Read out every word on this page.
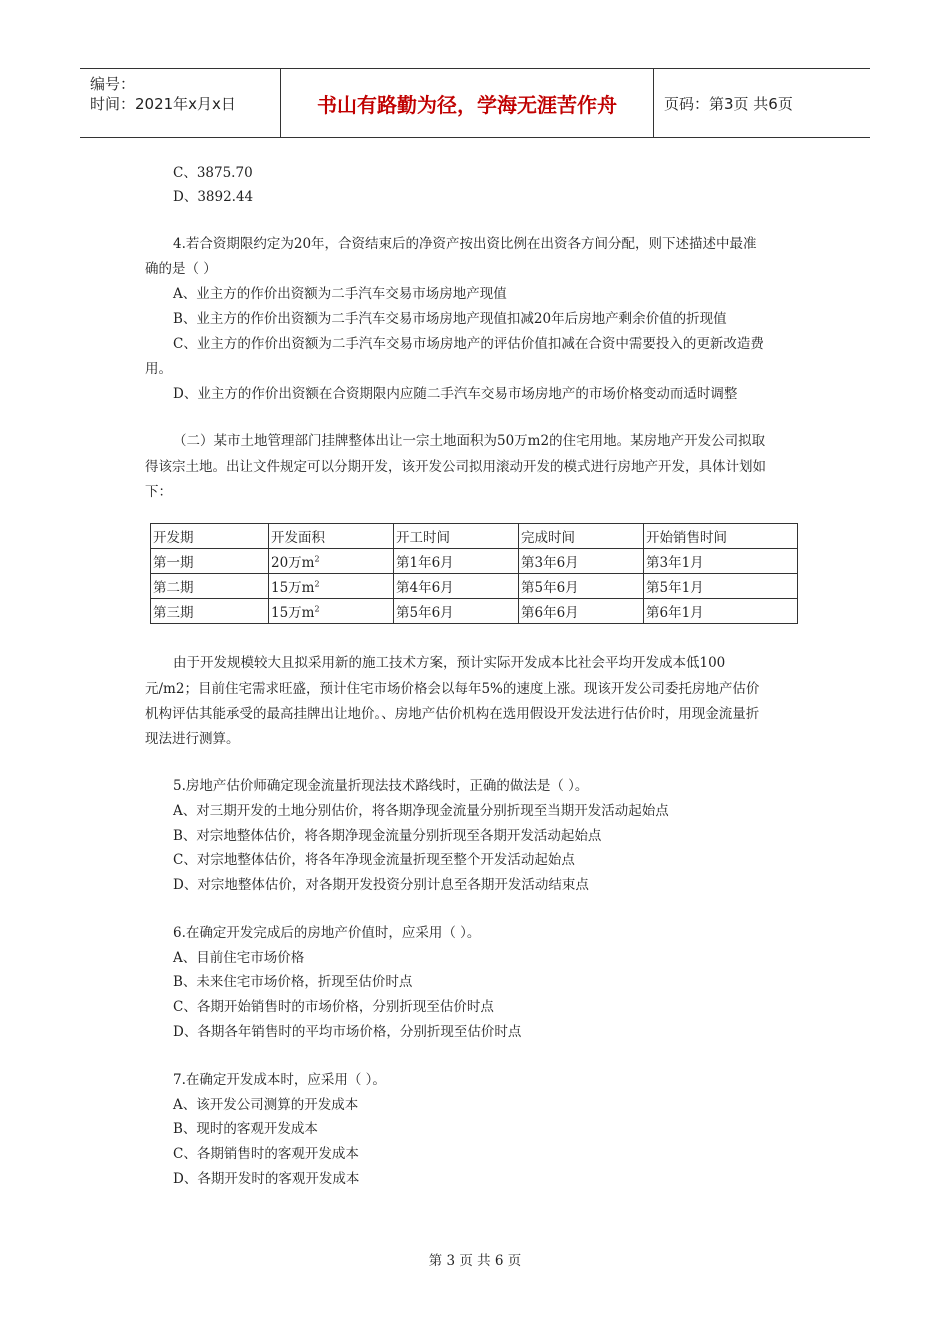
编号：
时间：2021年x月x日	书山有路勤为径，学海无涯苦作舟	页码：第3页 共6页
C、3875.70
D、3892.44
4.若合资期限约定为20年，合资结束后的净资产按出资比例在出资各方间分配，则下述描述中最准
确的是（ ）
A、业主方的作价出资额为二手汽车交易市场房地产现值
B、业主方的作价出资额为二手汽车交易市场房地产现值扣减20年后房地产剩余价值的折现值
C、业主方的作价出资额为二手汽车交易市场房地产的评估价值扣减在合资中需要投入的更新改造费
用。
D、业主方的作价出资额在合资期限内应随二手汽车交易市场房地产的市场价格变动而适时调整
（二）某市土地管理部门挂牌整体出让一宗土地面积为50万m2的住宅用地。某房地产开发公司拟取
得该宗土地。出让文件规定可以分期开发，该开发公司拟用滚动开发的模式进行房地产开发，具体计划如
下：
开发期	开发面积	开工时间	完成时间	开始销售时间
第一期	20万$m^2$	第1年6月	第3年6月	第3年1月
第二期	15万$m^2$	第4年6月	第5年6月	第5年1月
第三期	15万$m^2$	第5年6月	第6年6月	第6年1月
由于开发规模较大且拟采用新的施工技术方案，预计实际开发成本比社会平均开发成本低100
元/m2；目前住宅需求旺盛，预计住宅市场价格会以每年5%的速度上涨。现该开发公司委托房地产估价
机构评估其能承受的最高挂牌出让地价。、房地产估价机构在选用假设开发法进行估价时，用现金流量折
现法进行测算。
5.房地产估价师确定现金流量折现法技术路线时，正确的做法是（ ）。
A、对三期开发的土地分别估价，将各期净现金流量分别折现至当期开发活动起始点
B、对宗地整体估价，将各期净现金流量分别折现至各期开发活动起始点
C、对宗地整体估价，将各年净现金流量折现至整个开发活动起始点
D、对宗地整体估价，对各期开发投资分别计息至各期开发活动结束点
6.在确定开发完成后的房地产价值时，应采用（ ）。
A、目前住宅市场价格
B、未来住宅市场价格，折现至估价时点
C、各期开始销售时的市场价格，分别折现至估价时点
D、各期各年销售时的平均市场价格，分别折现至估价时点
7.在确定开发成本时，应采用（ ）。
A、该开发公司测算的开发成本
B、现时的客观开发成本
C、各期销售时的客观开发成本
D、各期开发时的客观开发成本
第 3 页 共 6 页
